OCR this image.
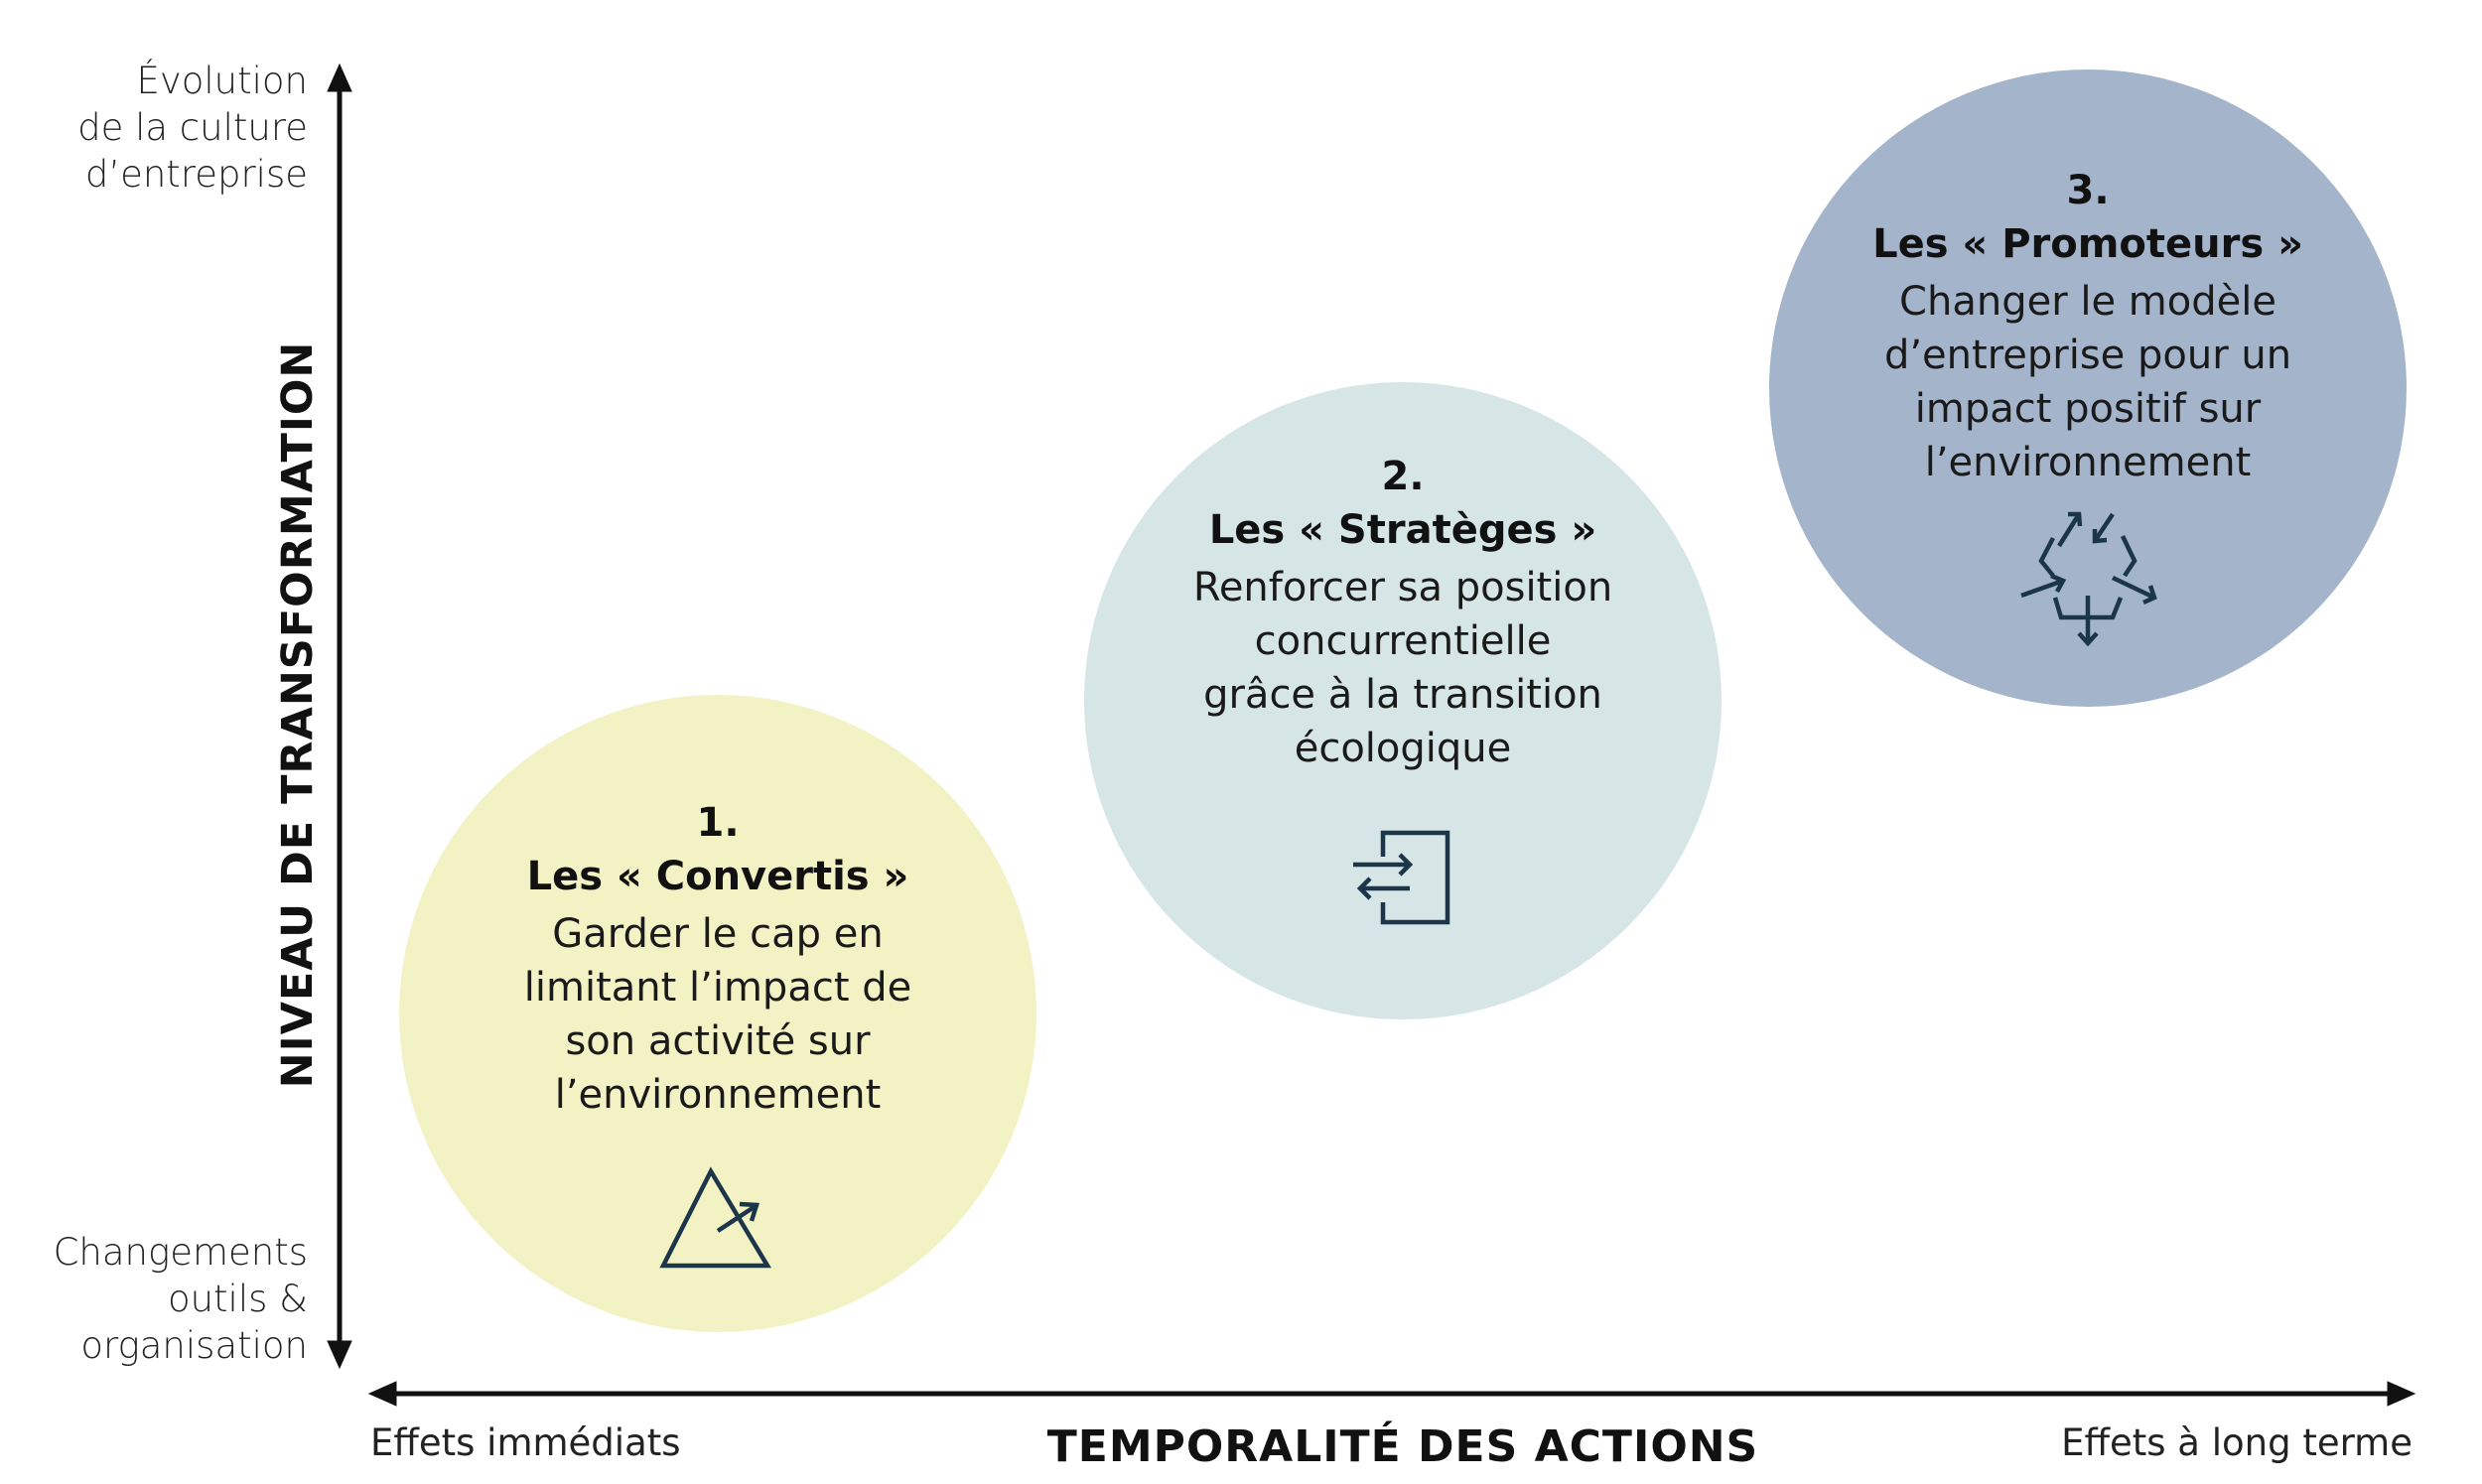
Évolution
de la culture
d’entreprise
Changements
outils &
organisation
NIVEAU DE TRANSFORMATION
Effets immédiats	TEMPORALITÉ DES ACTIONS	Effets à long terme
1.
Les « Convertis »
Garder le cap en
limitant l’impact de
son activité sur
l’environnement
2.
Les « Stratèges »
Renforcer sa position
concurrentielle
grâce à la transition
écologique
3.
Les « Promoteurs »
Changer le modèle
d’entreprise pour un
impact positif sur
l’environnement
